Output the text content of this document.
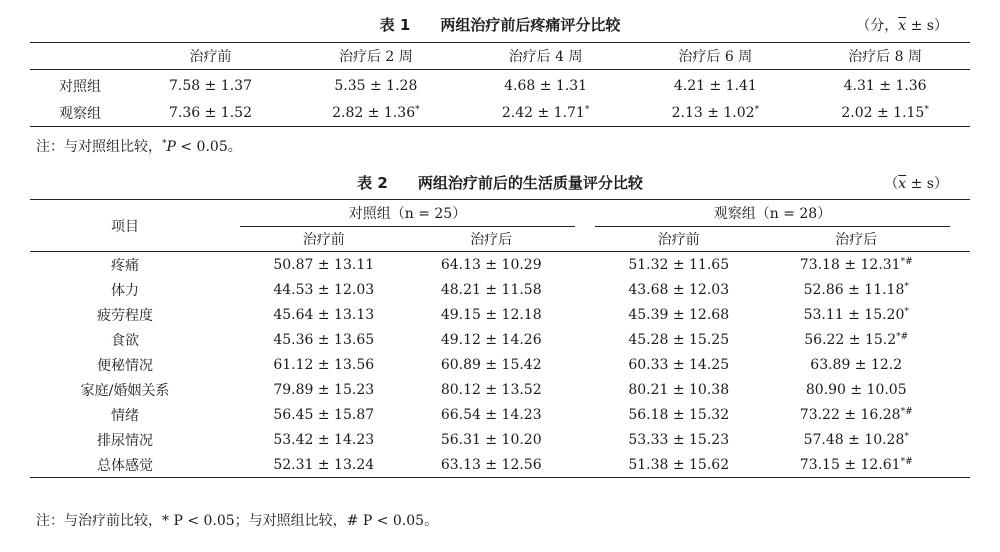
表 1　　两组治疗前后疼痛评分比较	（分，$\overline{x} \pm s$）
	治疗前	治疗后 2 周	治疗后 4 周	治疗后 6 周	治疗后 8 周
对照组	7.58 ± 1.37	5.35 ± 1.28	4.68 ± 1.31	4.21 ± 1.41	4.31 ± 1.36
观察组	7.36 ± 1.52	2.82 ± 1.36*	2.42 ± 1.71*	2.13 ± 1.02*	2.02 ± 1.15*
注：与对照组比较，*P < 0.05。
表 2　　两组治疗前后的生活质量评分比较	$(\overline{x} \pm s)$
项目		对照组（n = 25）			观察组（n = 28）		
		治疗前	治疗后		治疗前	治疗后	
疼痛		50.87 ± 13.11	64.13 ± 10.29		51.32 ± 11.65	73.18 ± 12.31*#	
体力		44.53 ± 12.03	48.21 ± 11.58		43.68 ± 12.03	52.86 ± 11.18*	
疲劳程度		45.64 ± 13.13	49.15 ± 12.18		45.39 ± 12.68	53.11 ± 15.20*	
食欲		45.36 ± 13.65	49.12 ± 14.26		45.28 ± 15.25	56.22 ± 15.2*#	
便秘情况		61.12 ± 13.56	60.89 ± 15.42		60.33 ± 14.25	63.89 ± 12.2	
家庭/婚姻关系		79.89 ± 15.23	80.12 ± 13.52		80.21 ± 10.38	80.90 ± 10.05	
情绪		56.45 ± 15.87	66.54 ± 14.23		56.18 ± 15.32	73.22 ± 16.28*#	
排尿情况		53.42 ± 14.23	56.31 ± 10.20		53.33 ± 15.23	57.48 ± 10.28*	
总体感觉		52.31 ± 13.24	63.13 ± 12.56		51.38 ± 15.62	73.15 ± 12.61*#	
注：与治疗前比较，* P < 0.05；与对照组比较，# P < 0.05。
